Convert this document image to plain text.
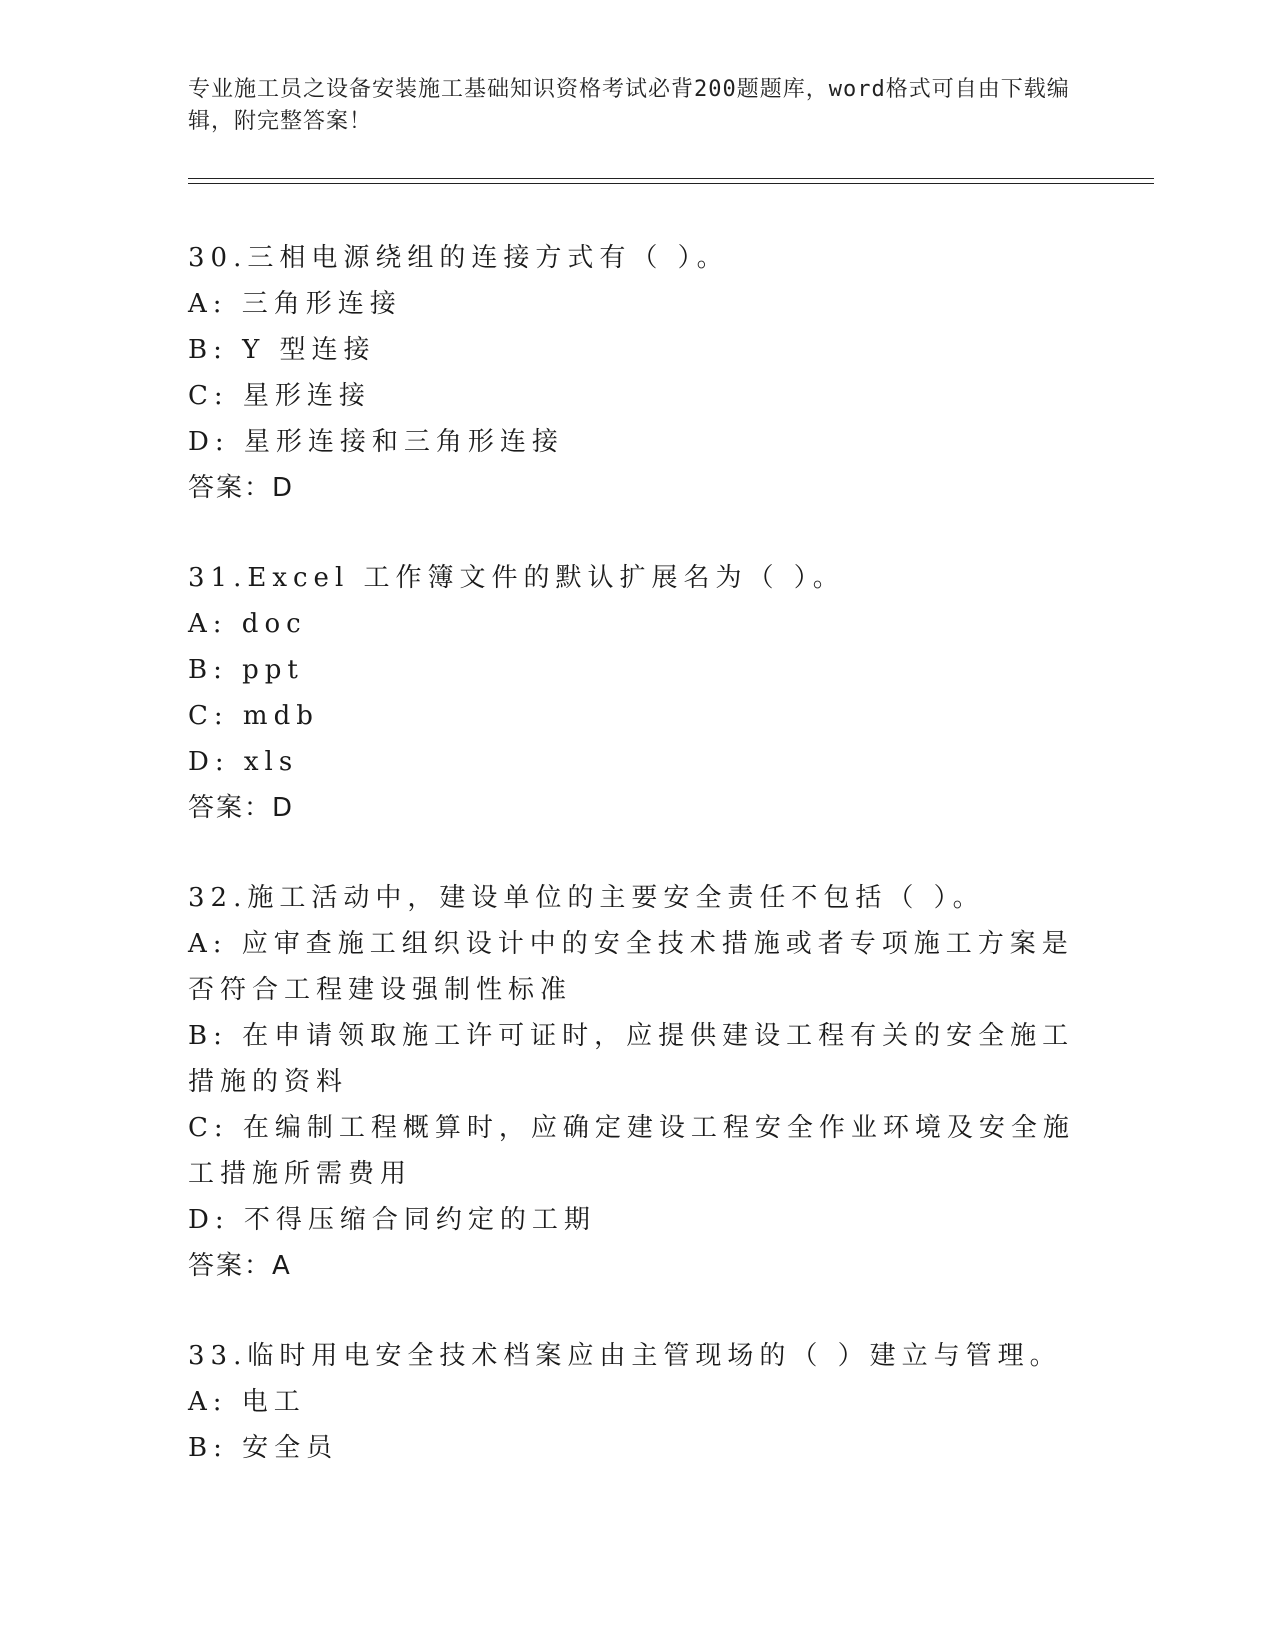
专业施工员之设备安装施工基础知识资格考试必背200题题库，word格式可自由下载编辑，附完整答案！
30.三相电源绕组的连接方式有（ ）。
A: 三角形连接
B: Y 型连接
C: 星形连接
D: 星形连接和三角形连接
答案：D
31.Excel 工作簿文件的默认扩展名为（ ）。
A: doc
B: ppt
C: mdb
D: xls
答案：D
32.施工活动中，建设单位的主要安全责任不包括（ ）。
A: 应审查施工组织设计中的安全技术措施或者专项施工方案是否符合工程建设强制性标准
B: 在申请领取施工许可证时，应提供建设工程有关的安全施工措施的资料
C: 在编制工程概算时，应确定建设工程安全作业环境及安全施工措施所需费用
D: 不得压缩合同约定的工期
答案：A
33.临时用电安全技术档案应由主管现场的（ ）建立与管理。
A: 电工
B: 安全员
